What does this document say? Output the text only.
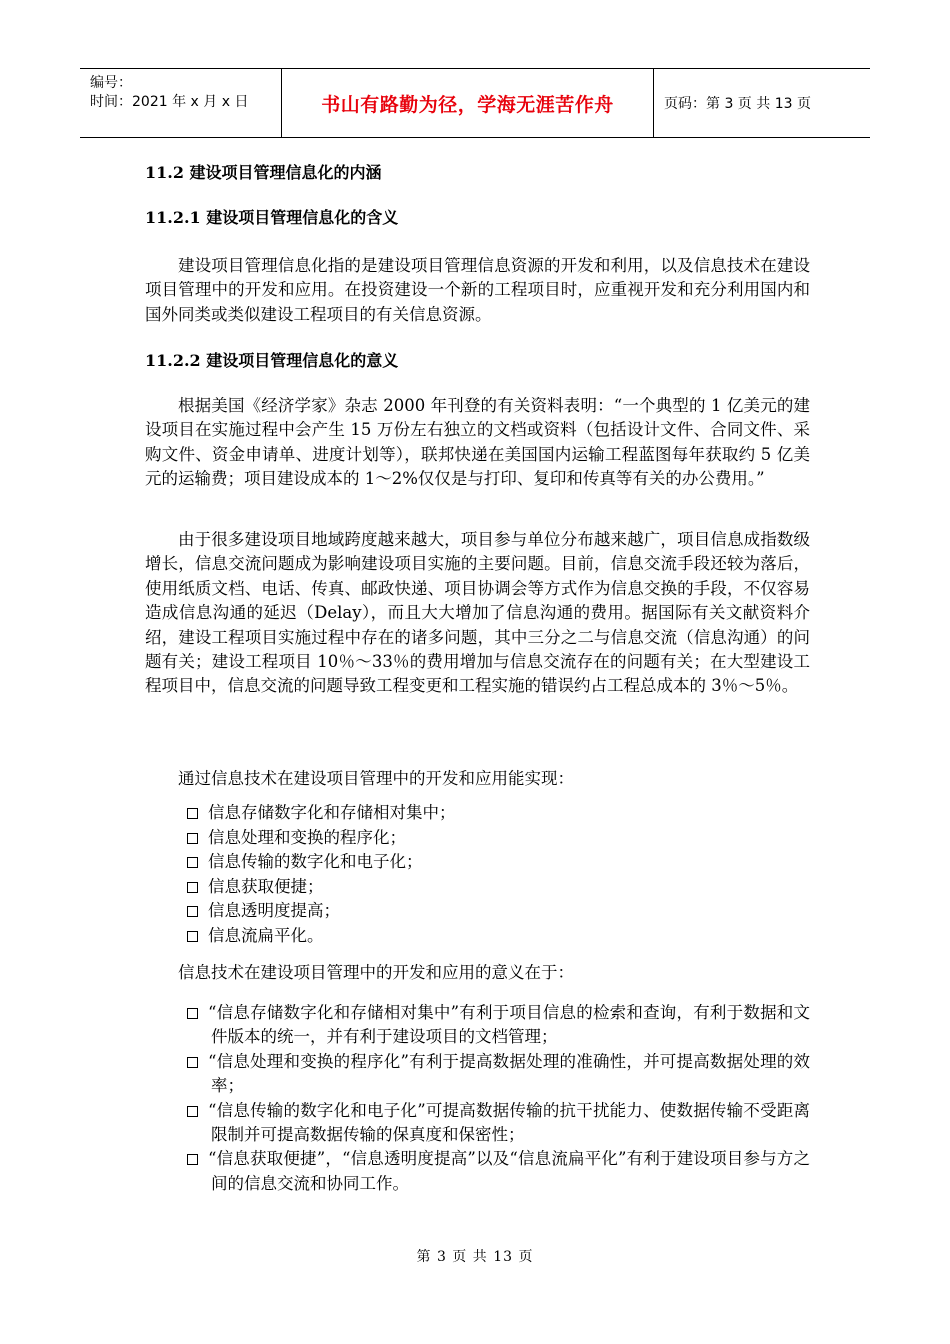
编号：
时间：2021 年 x 月 x 日	书山有路勤为径，学海无涯苦作舟	页码：第 3 页 共 13 页
11.2 建设项目管理信息化的内涵
11.2.1 建设项目管理信息化的含义

建设项目管理信息化指的是建设项目管理信息资源的开发和利用，以及信息技术在建设项目管理中的开发和应用。在投资建设一个新的工程项目时，应重视开发和充分利用国内和国外同类或类似建设工程项目的有关信息资源。

11.2.2 建设项目管理信息化的意义

根据美国《经济学家》杂志 2000 年刊登的有关资料表明：“一个典型的 1 亿美元的建设项目在实施过程中会产生 15 万份左右独立的文档或资料（包括设计文件、合同文件、采购文件、资金申请单、进度计划等），联邦快递在美国国内运输工程蓝图每年获取约 5 亿美元的运输费；项目建设成本的 1～2%仅仅是与打印、复印和传真等有关的办公费用。”

由于很多建设项目地域跨度越来越大，项目参与单位分布越来越广，项目信息成指数级增长，信息交流问题成为影响建设项目实施的主要问题。目前，信息交流手段还较为落后，使用纸质文档、电话、传真、邮政快递、项目协调会等方式作为信息交换的手段，不仅容易造成信息沟通的延迟（Delay），而且大大增加了信息沟通的费用。据国际有关文献资料介绍，建设工程项目实施过程中存在的诸多问题，其中三分之二与信息交流（信息沟通）的问题有关；建设工程项目 10％～33％的费用增加与信息交流存在的问题有关；在大型建设工程项目中，信息交流的问题导致工程变更和工程实施的错误约占工程总成本的 3％～5％。

通过信息技术在建设项目管理中的开发和应用能实现：

信息存储数字化和存储相对集中；
信息处理和变换的程序化；
信息传输的数字化和电子化；
信息获取便捷；
信息透明度提高；
信息流扁平化。

信息技术在建设项目管理中的开发和应用的意义在于：

“信息存储数字化和存储相对集中”有利于项目信息的检索和查询，有利于数据和文件版本的统一，并有利于建设项目的文档管理；
“信息处理和变换的程序化”有利于提高数据处理的准确性，并可提高数据处理的效率；
“信息传输的数字化和电子化”可提高数据传输的抗干扰能力、使数据传输不受距离限制并可提高数据传输的保真度和保密性；
“信息获取便捷”，“信息透明度提高”以及“信息流扁平化”有利于建设项目参与方之间的信息交流和协同工作。
第 3 页 共 13 页
